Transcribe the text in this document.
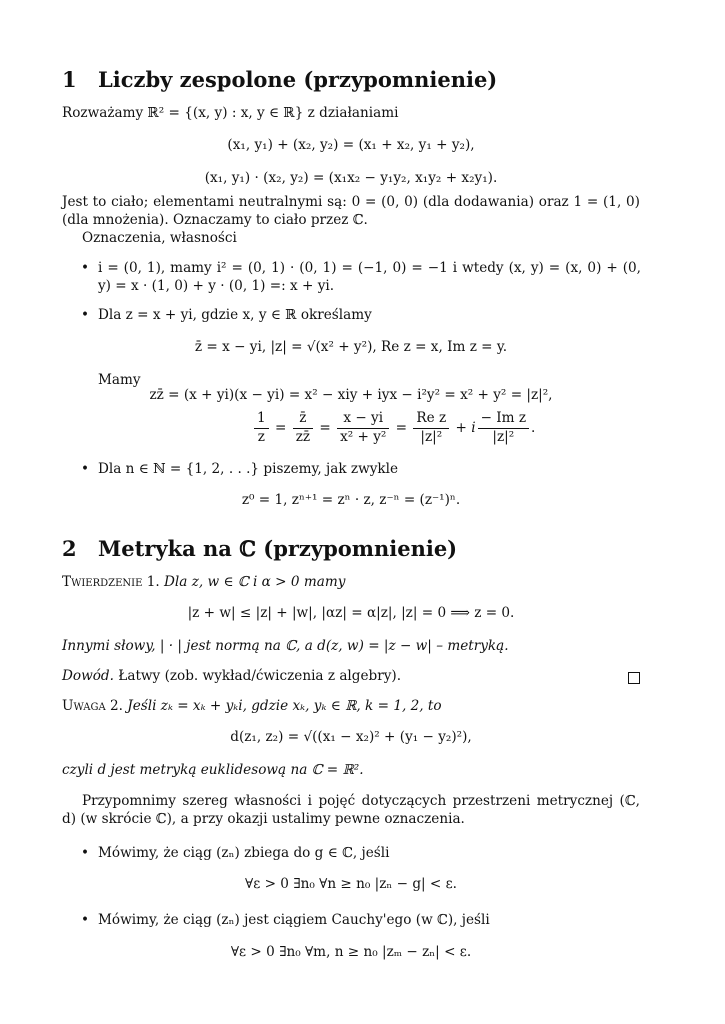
1 Liczby zespolone (przypomnienie)
Rozważamy ℝ² = {(x, y) : x, y ∈ ℝ} z działaniami
(x₁, y₁) + (x₂, y₂) = (x₁ + x₂, y₁ + y₂),
(x₁, y₁) · (x₂, y₂) = (x₁x₂ − y₁y₂, x₁y₂ + x₂y₁).
Jest to ciało; elementami neutralnymi są: 0 = (0, 0) (dla dodawania) oraz 1 = (1, 0) (dla mnożenia). Oznaczamy to ciało przez ℂ.
Oznaczenia, własności
• i = (0, 1), mamy i² = (0, 1) · (0, 1) = (−1, 0) = −1 i wtedy (x, y) = (x, 0) + (0, y) = x · (1, 0) + y · (0, 1) =: x + yi.
• Dla z = x + yi, gdzie x, y ∈ ℝ określamy
z̄ = x − yi, |z| = √(x² + y²), Re z = x, Im z = y.
Mamy
zz̄ = (x + yi)(x − yi) = x² − xiy + iyx − i²y² = x² + y² = |z|²,
$\frac{1}{z} = \frac{z̄}{zz̄} = \frac{x - yi}{\text{x² + y²}} = \frac{\text{Re z}}{\text{|z|²}} + i \frac{\text{− Im z}}{\text{|z|²}}$ .
• Dla n ∈ ℕ = {1, 2, . . .} piszemy, jak zwykle
z⁰ = 1, zⁿ⁺¹ = zⁿ · z, z⁻ⁿ = (z⁻¹)ⁿ.
2 Metryka na ℂ (przypomnienie)
Twierdzenie 1. Dla z, w ∈ ℂ i α > 0 mamy
|z + w| ≤ |z| + |w|, |αz| = α|z|, |z| = 0 ⟹ z = 0.
Innymi słowy, | · | jest normą na ℂ, a d(z, w) = |z − w| – metryką.
Dowód. Łatwy (zob. wykład/ćwiczenia z algebry).
Uwaga 2. Jeśli zₖ = xₖ + yₖi, gdzie xₖ, yₖ ∈ ℝ, k = 1, 2, to
d(z₁, z₂) = √((x₁ − x₂)² + (y₁ − y₂)²),
czyli d jest metryką euklidesową na ℂ = ℝ².
Przypomnimy szereg własności i pojęć dotyczących przestrzeni metrycznej (ℂ, d) (w skrócie ℂ), a przy okazji ustalimy pewne oznaczenia.
• Mówimy, że ciąg (zₙ) zbiega do g ∈ ℂ, jeśli
∀ε > 0 ∃n₀ ∀n ≥ n₀ |zₙ − g| < ε.
• Mówimy, że ciąg (zₙ) jest ciągiem Cauchy'ego (w ℂ), jeśli
∀ε > 0 ∃n₀ ∀m, n ≥ n₀ |zₘ − zₙ| < ε.
